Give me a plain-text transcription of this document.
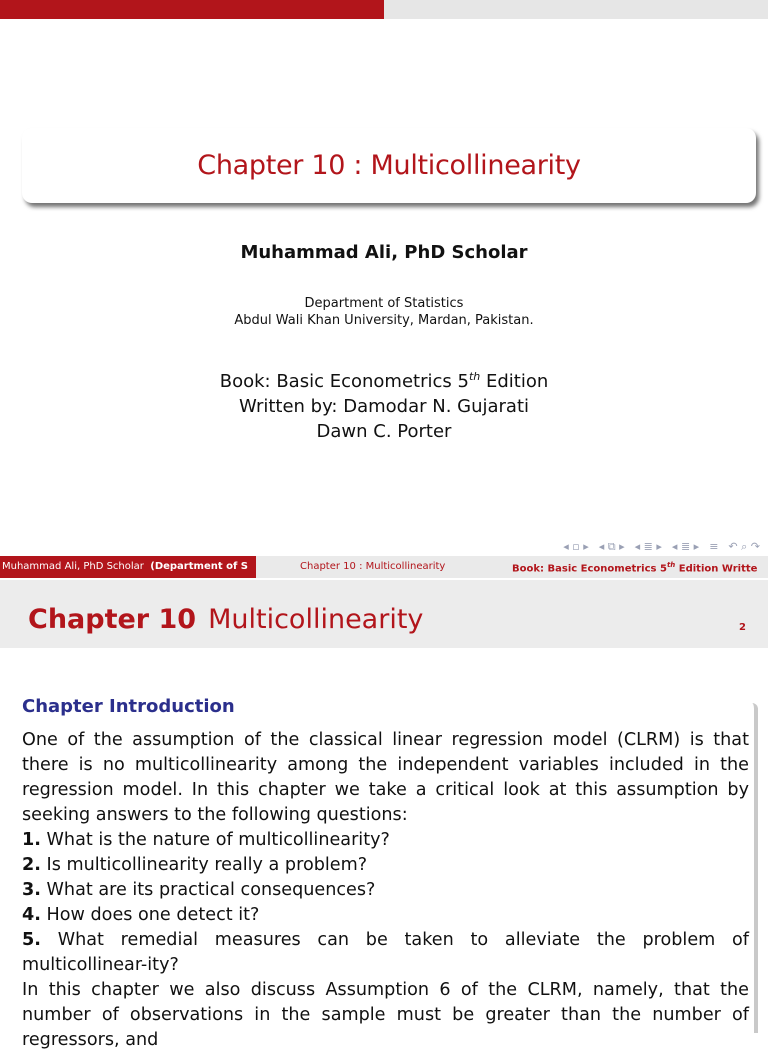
Chapter 10 : Multicollinearity
Muhammad Ali, PhD Scholar
Department of Statistics
Abdul Wali Khan University, Mardan, Pakistan.
Book: Basic Econometrics 5th Edition
Written by: Damodar N. Gujarati
Dawn C. Porter
◂ ▫ ▸ ◂ ⧉ ▸ ◂ ≣ ▸ ◂ ≣ ▸ ≡ ↶ ⌕ ↷
Muhammad Ali, PhD Scholar (Department of S	Chapter 10 : Multicollinearity	Book: Basic Econometrics 5th Edition Writte
Chapter 10 Multicollinearity	2
Chapter Introduction

One of the assumption of the classical linear regression model (CLRM) is that there is no multicollinearity among the independent variables included in the regression model. In this chapter we take a critical look at this assumption by seeking answers to the following questions:

1. What is the nature of multicollinearity?

2. Is multicollinearity really a problem?

3. What are its practical consequences?

4. How does one detect it?

5. What remedial measures can be taken to alleviate the problem of multicollinear-ity?

In this chapter we also discuss Assumption 6 of the CLRM, namely, that the number of observations in the sample must be greater than the number of regressors, and
